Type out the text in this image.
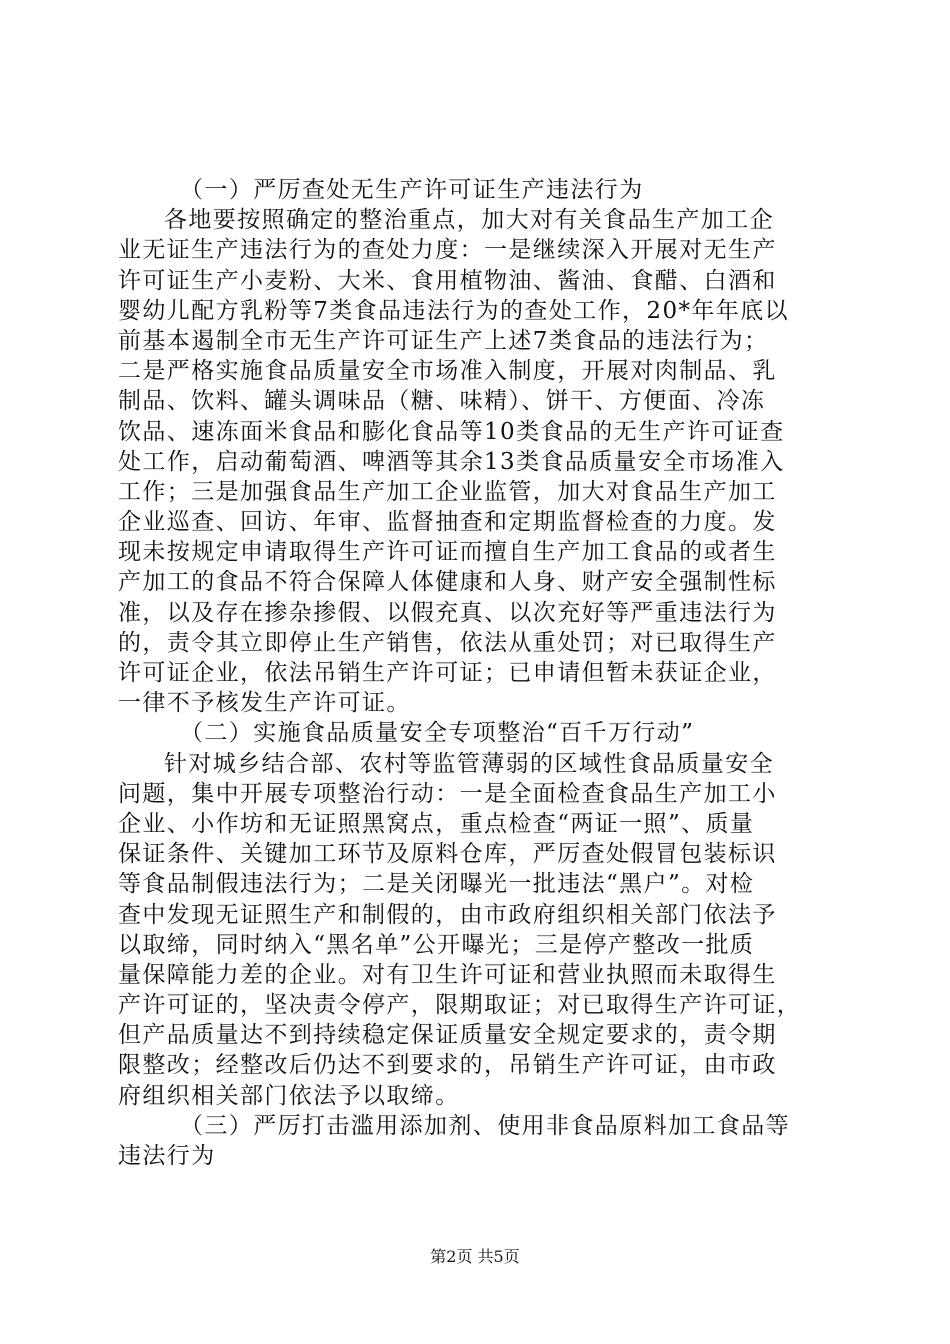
（一）严厉查处无生产许可证生产违法行为
各地要按照确定的整治重点，加大对有关食品生产加工企
业无证生产违法行为的查处力度：一是继续深入开展对无生产
许可证生产小麦粉、大米、食用植物油、酱油、食醋、白酒和
婴幼儿配方乳粉等7类食品违法行为的查处工作，20*年年底以
前基本遏制全市无生产许可证生产上述7类食品的违法行为；
二是严格实施食品质量安全市场准入制度，开展对肉制品、乳
制品、饮料、罐头调味品（糖、味精）、饼干、方便面、冷冻
饮品、速冻面米食品和膨化食品等10类食品的无生产许可证查
处工作，启动葡萄酒、啤酒等其余13类食品质量安全市场准入
工作；三是加强食品生产加工企业监管，加大对食品生产加工
企业巡查、回访、年审、监督抽查和定期监督检查的力度。发
现未按规定申请取得生产许可证而擅自生产加工食品的或者生
产加工的食品不符合保障人体健康和人身、财产安全强制性标
准，以及存在掺杂掺假、以假充真、以次充好等严重违法行为
的，责令其立即停止生产销售，依法从重处罚；对已取得生产
许可证企业，依法吊销生产许可证；已申请但暂未获证企业，
一律不予核发生产许可证。
（二）实施食品质量安全专项整治“百千万行动”
针对城乡结合部、农村等监管薄弱的区域性食品质量安全
问题，集中开展专项整治行动：一是全面检查食品生产加工小
企业、小作坊和无证照黑窝点，重点检查“两证一照”、质量
保证条件、关键加工环节及原料仓库，严厉查处假冒包装标识
等食品制假违法行为；二是关闭曝光一批违法“黑户”。对检
查中发现无证照生产和制假的，由市政府组织相关部门依法予
以取缔，同时纳入“黑名单”公开曝光；三是停产整改一批质
量保障能力差的企业。对有卫生许可证和营业执照而未取得生
产许可证的，坚决责令停产，限期取证；对已取得生产许可证，
但产品质量达不到持续稳定保证质量安全规定要求的，责令期
限整改；经整改后仍达不到要求的，吊销生产许可证，由市政
府组织相关部门依法予以取缔。
（三）严厉打击滥用添加剂、使用非食品原料加工食品等
违法行为
第2页 共5页
